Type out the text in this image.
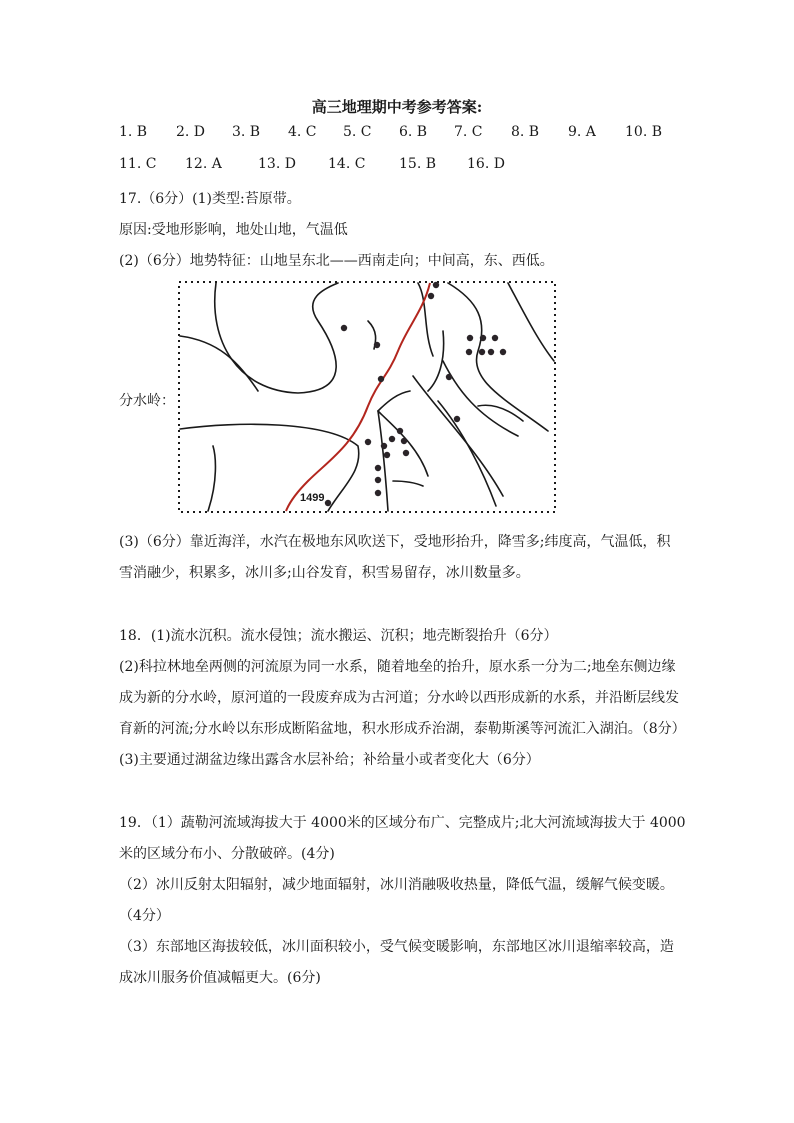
高三地理期中考参考答案:
1. B 2. D 3. B 4. C 5. C 6. B 7. C 8. B 9. A 10. B
11. C 12. A	13. D 14. C 15. B 16. D
17.（6分）(1)类型:苔原带。
原因:受地形影响，地处山地，气温低
(2)（6分）地势特征：山地呈东北——西南走向；中间高，东、西低。
分水岭：
1499
(3)（6分）靠近海洋，水汽在极地东风吹送下，受地形抬升，降雪多;纬度高，气温低，积
雪消融少，积累多，冰川多;山谷发育，积雪易留存，冰川数量多。
18．(1)流水沉积。流水侵蚀；流水搬运、沉积；地壳断裂抬升（6分）
(2)科拉林地垒两侧的河流原为同一水系，随着地垒的抬升，原水系一分为二;地垒东侧边缘
成为新的分水岭，原河道的一段废弃成为古河道；分水岭以西形成新的水系，并沿断层线发
育新的河流;分水岭以东形成断陷盆地，积水形成乔治湖，泰勒斯溪等河流汇入湖泊。（8分）
(3)主要通过湖盆边缘出露含水层补给；补给量小或者变化大（6分）
19．（1）蔬勒河流域海拔大于 4000米的区域分布广、完整成片;北大河流域海拔大于 4000
米的区域分布小、分散破碎。(4分)
（2）冰川反射太阳辐射，减少地面辐射，冰川消融吸收热量，降低气温，缓解气候变暖。
（4分）
（3）东部地区海拔较低，冰川面积较小，受气候变暖影响，东部地区冰川退缩率较高，造
成冰川服务价值减幅更大。(6分)
